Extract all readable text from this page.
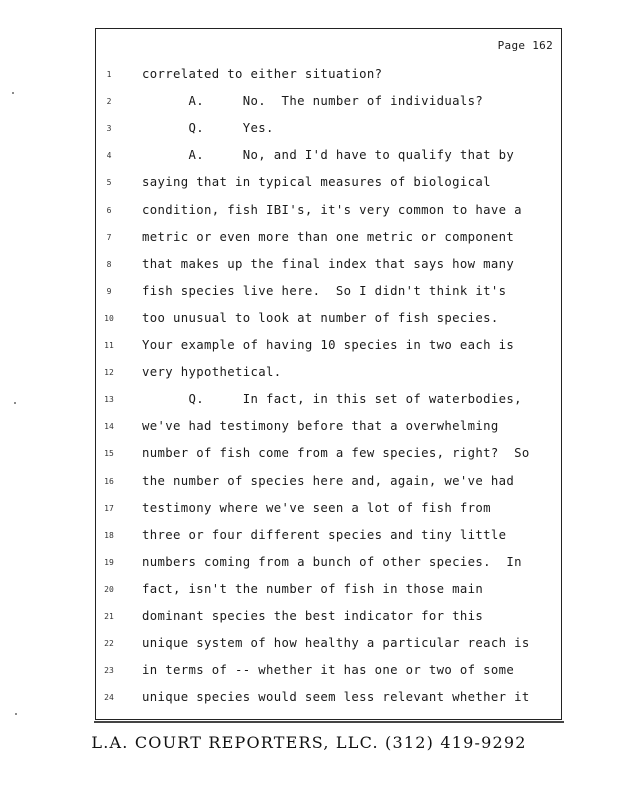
Page 162
1	correlated to either situation?
2	A.     No.  The number of individuals?
3	Q.     Yes.
4	A.     No, and I'd have to qualify that by
5	saying that in typical measures of biological
6	condition, fish IBI's, it's very common to have a
7	metric or even more than one metric or component
8	that makes up the final index that says how many
9	fish species live here.  So I didn't think it's
10	too unusual to look at number of fish species.
11	Your example of having 10 species in two each is
12	very hypothetical.
13	Q.     In fact, in this set of waterbodies,
14	we've had testimony before that a overwhelming
15	number of fish come from a few species, right?  So
16	the number of species here and, again, we've had
17	testimony where we've seen a lot of fish from
18	three or four different species and tiny little
19	numbers coming from a bunch of other species.  In
20	fact, isn't the number of fish in those main
21	dominant species the best indicator for this
22	unique system of how healthy a particular reach is
23	in terms of -- whether it has one or two of some
24	unique species would seem less relevant whether it
L.A. COURT REPORTERS, LLC. (312) 419-9292
